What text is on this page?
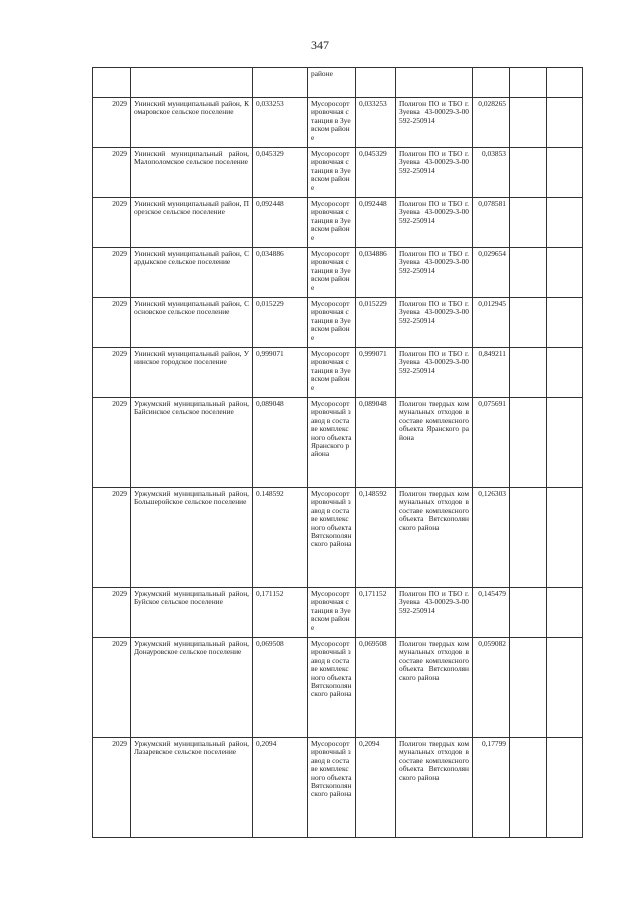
347
			районе					
2029	Унинский муниципальный район, Комаровское сельское поселение	0,033253	Мусоросортировочная станция в Зуевском районе	0,033253	Полигон ПО и ТБО г. Зуевка 43-00029-З-00592-250914	0,028265		
2029	Унинский муниципальный район, Малополомское сельское поселение	0,045329	Мусоросортировочная станция в Зуевском районе	0,045329	Полигон ПО и ТБО г. Зуевка 43-00029-З-00592-250914	0,03853		
2029	Унинский муниципальный район, Порезское сельское поселение	0,092448	Мусоросортировочная станция в Зуевском районе	0,092448	Полигон ПО и ТБО г. Зуевка 43-00029-З-00592-250914	0,078581		
2029	Унинский муниципальный район, Сардыкское сельское поселение	0,034886	Мусоросортировочная станция в Зуевском районе	0,034886	Полигон ПО и ТБО г. Зуевка 43-00029-З-00592-250914	0,029654		
2029	Унинский муниципальный район, Сосновское сельское поселение	0,015229	Мусоросортировочная станция в Зуевском районе	0,015229	Полигон ПО и ТБО г. Зуевка 43-00029-З-00592-250914	0,012945		
2029	Унинский муниципальный район, Унинское городское поселение	0,999071	Мусоросортировочная станция в Зуевском районе	0,999071	Полигон ПО и ТБО г. Зуевка 43-00029-З-00592-250914	0,849211		
2029	Уржумский муниципальный район, Байсинское сельское поселение	0,089048	Мусоросортировочный завод в составе комплексного объекта Яранского района	0,089048	Полигон твердых коммунальных отходов в составе комплексного объекта Яранского района	0,075691		
2029	Уржумский муниципальный район, Большеройское сельское поселение	0.148592	Мусоросортировочный завод в составе комплексного объекта Вятскополянского района	0,148592	Полигон твердых коммунальных отходов в составе комплексного объекта Вятскополянского района	0,126303		
2029	Уржумский муниципальный район, Буйское сельское поселение	0,171152	Мусоросортировочная станция в Зуевском районе	0,171152	Полигон ПО и ТБО г. Зуевка 43-00029-З-00592-250914	0,145479		
2029	Уржумский муниципальный район, Донауровское сельское поселение	0,069508	Мусоросортировочный завод в составе комплексного объекта Вятскополянского района	0,069508	Полигон твердых коммунальных отходов в составе комплексного объекта Вятскополянского района	0,059082		
2029	Уржумский муниципальный район, Лазаревское сельское поселение	0,2094	Мусоросортировочный завод в составе комплексного объекта Вятскополянского района	0,2094	Полигон твердых коммунальных отходов в составе комплексного объекта Вятскополянского района	0,17799		
